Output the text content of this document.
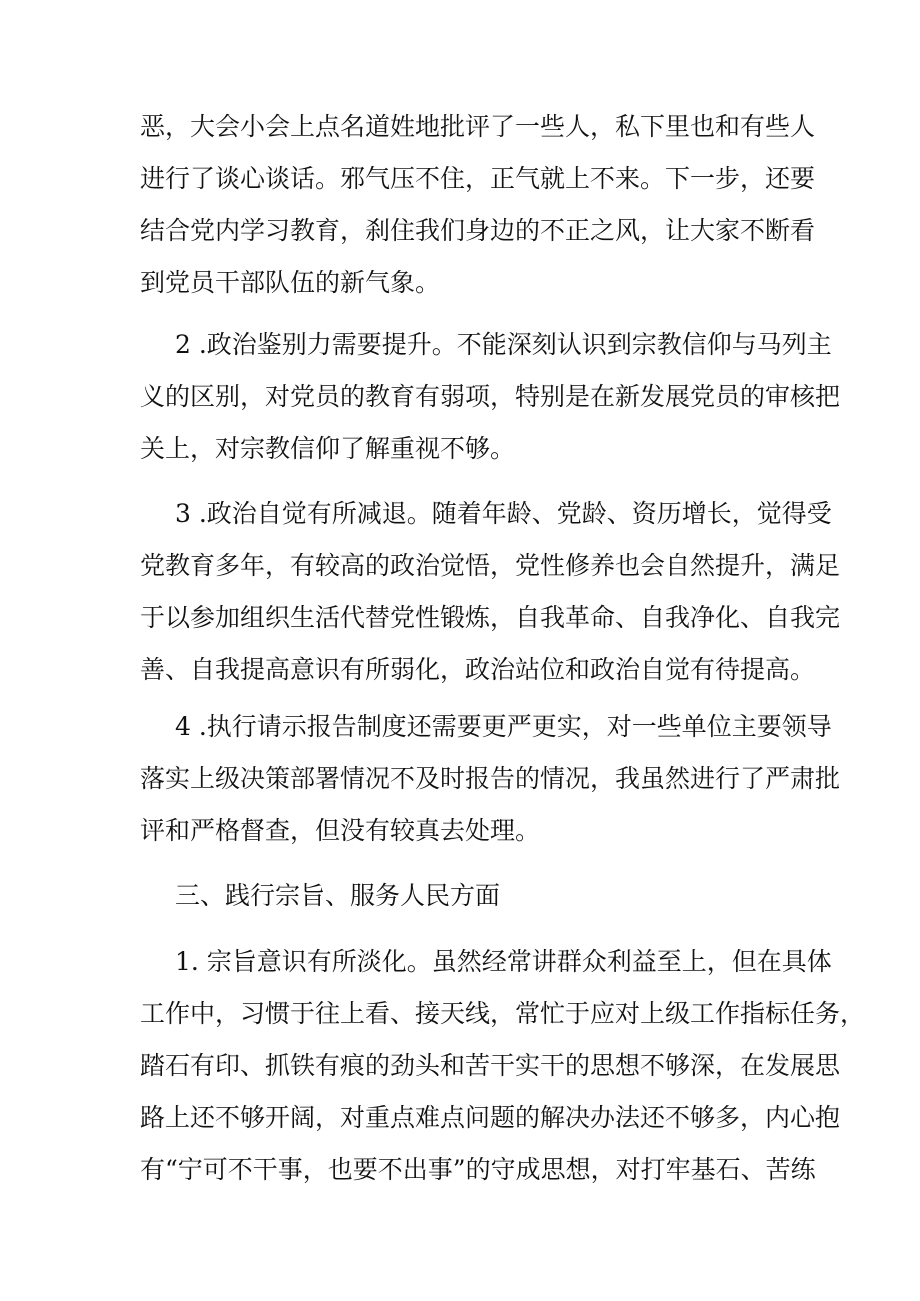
恶，大会小会上点名道姓地批评了一些人，私下里也和有些人
进行了谈心谈话。邪气压不住，正气就上不来。下一步，还要
结合党内学习教育，刹住我们身边的不正之风，让大家不断看
到党员干部队伍的新气象。
2 .政治鉴别力需要提升。不能深刻认识到宗教信仰与马列主
义的区别，对党员的教育有弱项，特别是在新发展党员的审核把
关上，对宗教信仰了解重视不够。
3 .政治自觉有所减退。随着年龄、党龄、资历增长，觉得受
党教育多年，有较高的政治觉悟，党性修养也会自然提升，满足
于以参加组织生活代替党性锻炼，自我革命、自我净化、自我完
善、自我提高意识有所弱化，政治站位和政治自觉有待提高。
4 .执行请示报告制度还需要更严更实，对一些单位主要领导
落实上级决策部署情况不及时报告的情况，我虽然进行了严肃批
评和严格督查，但没有较真去处理。
三、践行宗旨、服务人民方面
1. 宗旨意识有所淡化。虽然经常讲群众利益至上，但在具体
工作中，习惯于往上看、接天线，常忙于应对上级工作指标任务，
踏石有印、抓铁有痕的劲头和苦干实干的思想不够深，在发展思
路上还不够开阔，对重点难点问题的解决办法还不够多，内心抱
有“宁可不干事，也要不出事”的守成思想，对打牢基石、苦练
